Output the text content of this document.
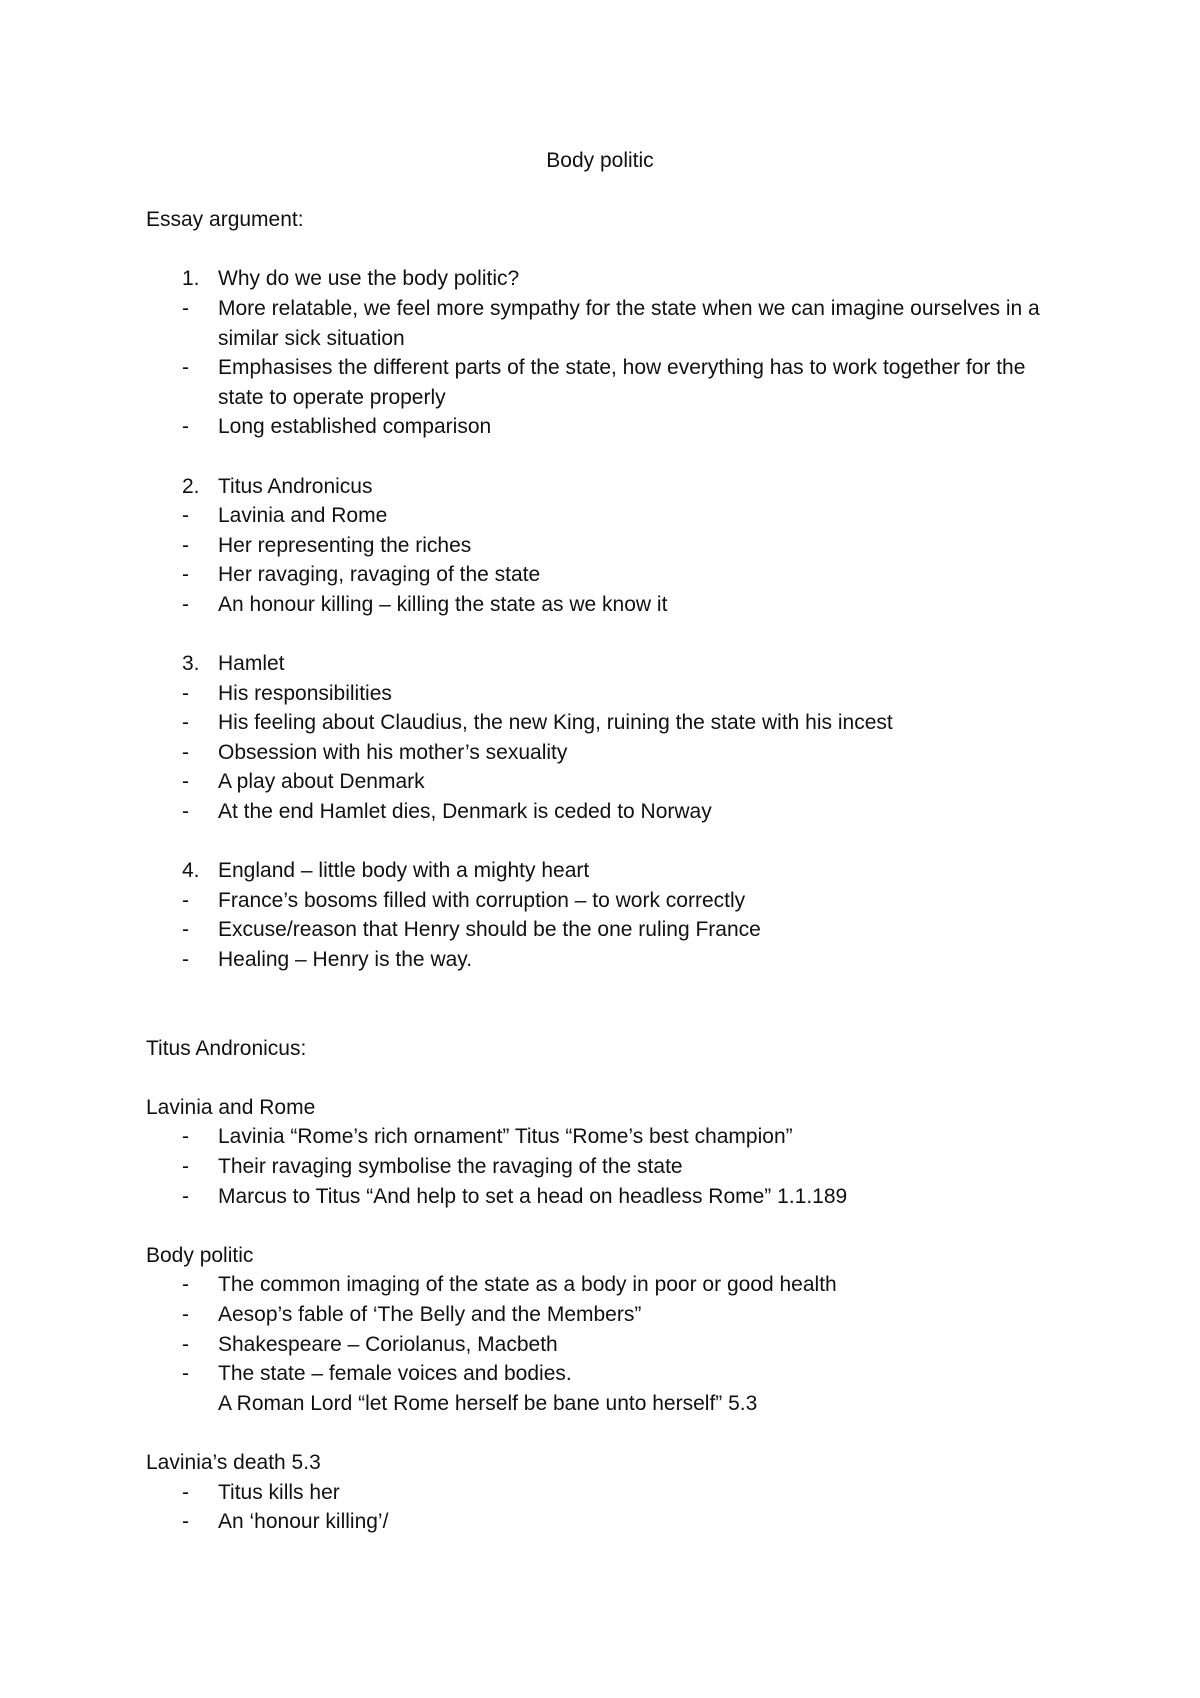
Body politic
Essay argument:
1. Why do we use the body politic?
-	More relatable, we feel more sympathy for the state when we can imagine ourselves in a similar sick situation
-	Emphasises the different parts of the state, how everything has to work together for the state to operate properly
-	Long established comparison
2. Titus Andronicus
-	Lavinia and Rome
-	Her representing the riches
-	Her ravaging, ravaging of the state
-	An honour killing – killing the state as we know it
3. Hamlet
-	His responsibilities
-	His feeling about Claudius, the new King, ruining the state with his incest
-	Obsession with his mother’s sexuality
-	A play about Denmark
-	At the end Hamlet dies, Denmark is ceded to Norway
4. England – little body with a mighty heart
-	France’s bosoms filled with corruption – to work correctly
-	Excuse/reason that Henry should be the one ruling France
-	Healing – Henry is the way.
Titus Andronicus:
Lavinia and Rome
-	Lavinia “Rome’s rich ornament” Titus “Rome’s best champion”
-	Their ravaging symbolise the ravaging of the state
-	Marcus to Titus “And help to set a head on headless Rome” 1.1.189
Body politic
-	The common imaging of the state as a body in poor or good health
-	Aesop’s fable of ‘The Belly and the Members”
-	Shakespeare – Coriolanus, Macbeth
-	The state – female voices and bodies.
A Roman Lord “let Rome herself be bane unto herself” 5.3
Lavinia’s death 5.3
-	Titus kills her
-	An ‘honour killing’/
